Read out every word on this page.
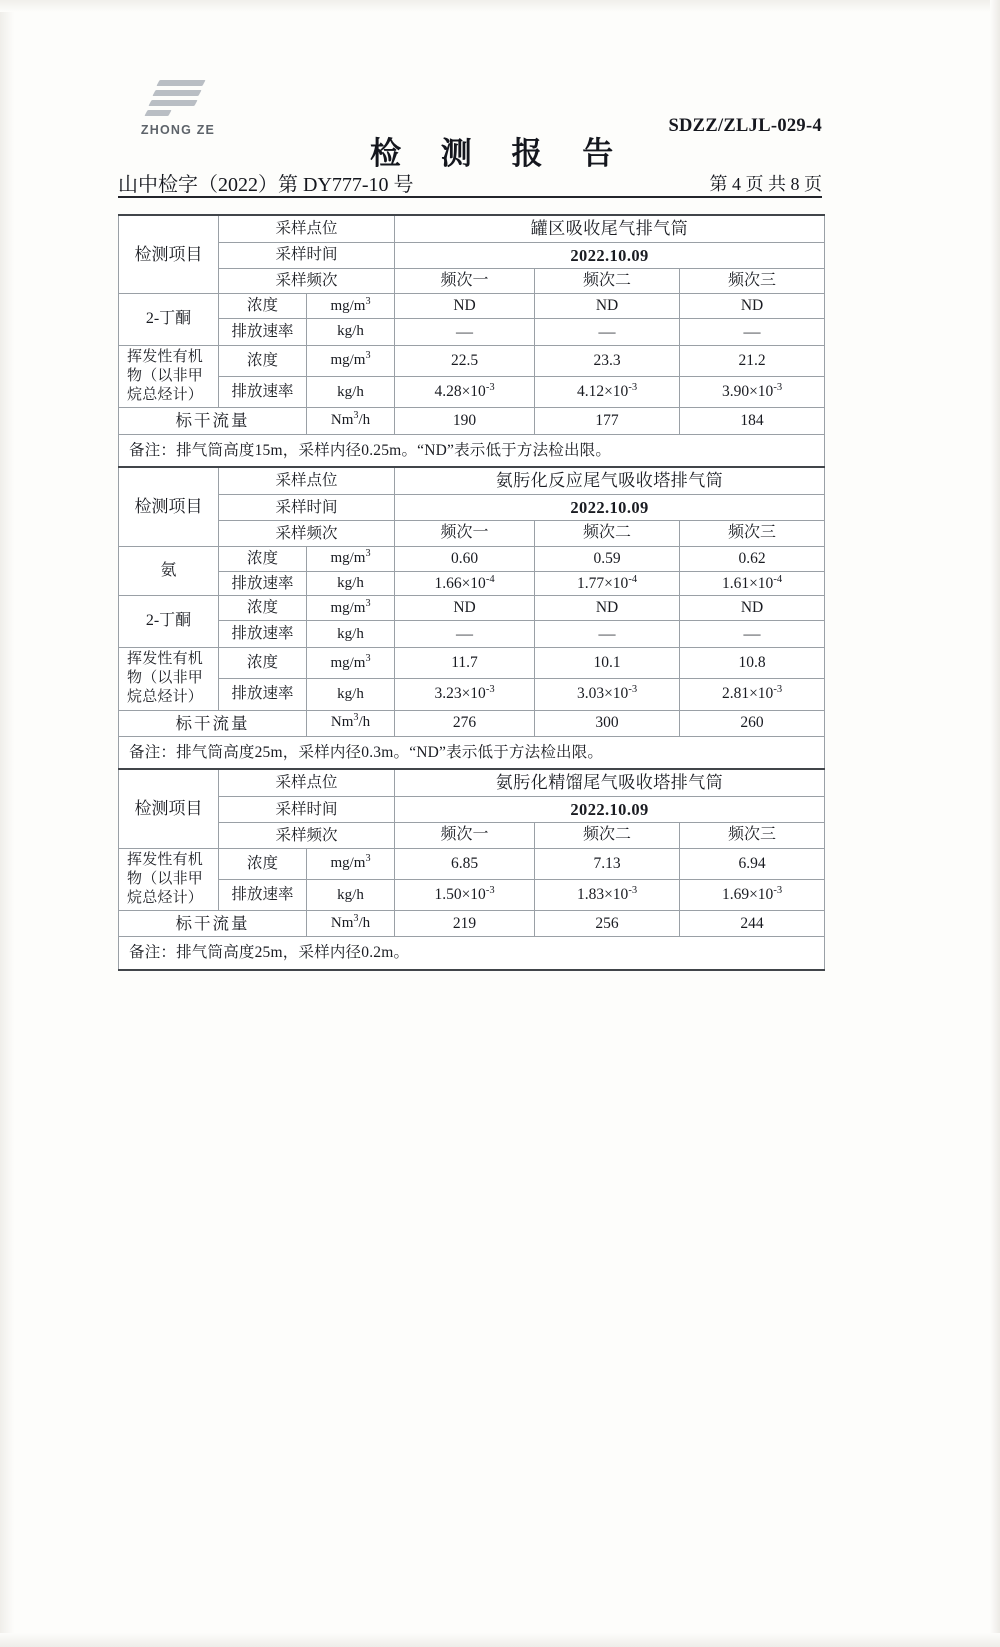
ZHONG ZE	SDZZ/ZLJL-029-4
检 测 报 告
山中检字（2022）第 DY777-10 号	第 4 页 共 8 页
检测项目	采样点位		罐区吸收尾气排气筒		
	采样时间		2022.10.09		
	采样频次		频次一	频次二	频次三
2-丁酮	浓度	$mg/m^3$	ND	ND	ND
	排放速率	kg/h	—	—	—
挥发性有机
物（以非甲
烷总烃计）	浓度	$mg/m^3$	22.5	23.3	21.2
	排放速率	kg/h	$4.28\times 10^{-3}$	$4.12\times 10^{-3}$	$3.90\times 10^{-3}$
标干流量		Nm$^3$/h	190	177	184
备注：排气筒高度15m，采样内径0.25m。“ND”表示低于方法检出限。					
检测项目	采样点位		氨肟化反应尾气吸收塔排气筒		
	采样时间		2022.10.09		
	采样频次		频次一	频次二	频次三
氨	浓度	$mg/m^3$	0.60	0.59	0.62
	排放速率	kg/h	$1.66\times 10^{-4}$	$1.77\times 10^{-4}$	$1.61\times 10^{-4}$
2-丁酮	浓度	$mg/m^3$	ND	ND	ND
	排放速率	kg/h	—	—	—
挥发性有机
物（以非甲
烷总烃计）	浓度	$mg/m^3$	11.7	10.1	10.8
	排放速率	kg/h	$3.23\times 10^{-3}$	$3.03\times 10^{-3}$	$2.81\times 10^{-3}$
标干流量		Nm$^3$/h	276	300	260
备注：排气筒高度25m，采样内径0.3m。“ND”表示低于方法检出限。					
检测项目	采样点位		氨肟化精馏尾气吸收塔排气筒		
	采样时间		2022.10.09		
	采样频次		频次一	频次二	频次三
挥发性有机
物（以非甲
烷总烃计）	浓度	$mg/m^3$	6.85	7.13	6.94
	排放速率	kg/h	$1.50\times 10^{-3}$	$1.83\times 10^{-3}$	$1.69\times 10^{-3}$
标干流量		Nm$^3$/h	219	256	244
备注：排气筒高度25m，采样内径0.2m。					
